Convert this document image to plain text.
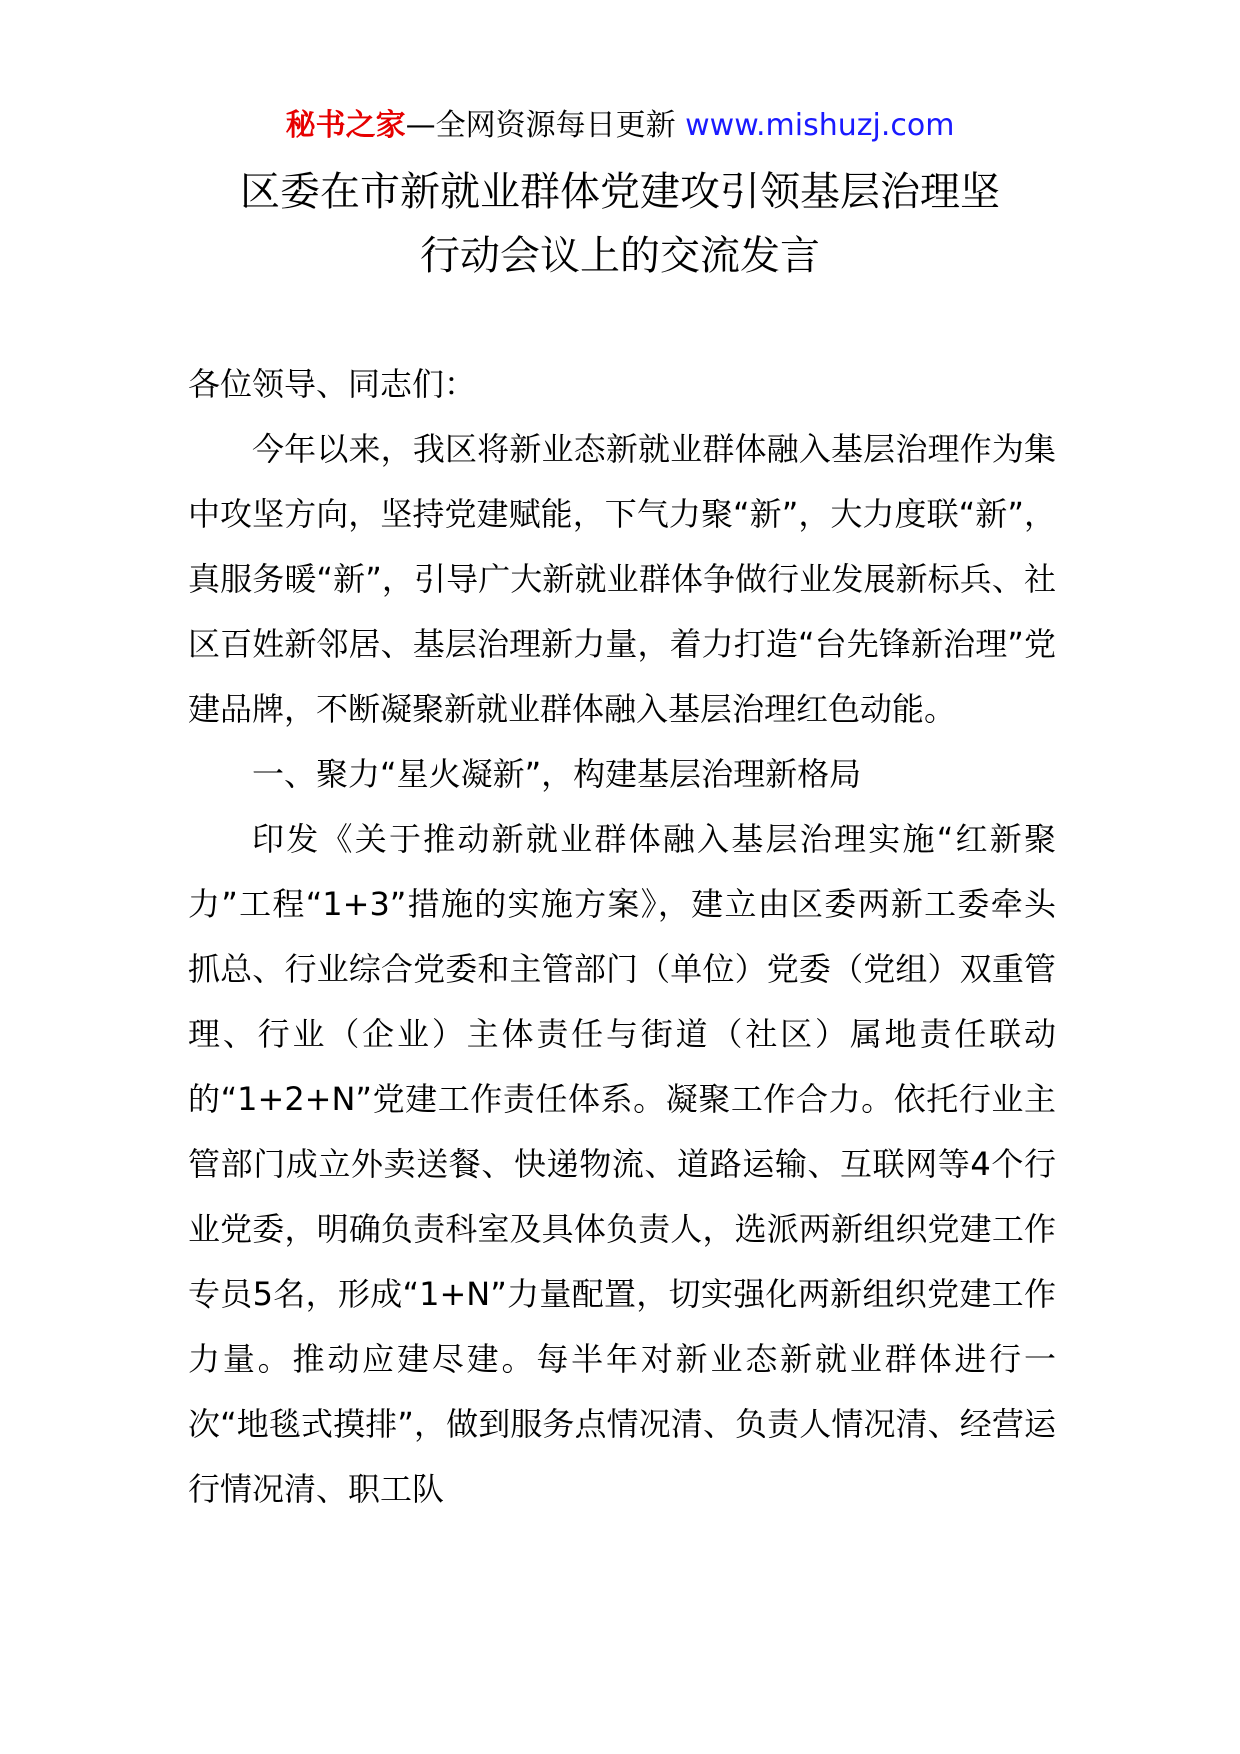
秘书之家—全网资源每日更新 www.mishuzj.com
区委在市新就业群体党建攻引领基层治理坚
行动会议上的交流发言

各位领导、同志们：

今年以来，我区将新业态新就业群体融入基层治理作为集中攻坚方向，坚持党建赋能，下气力聚“新”，大力度联“新”，真服务暖“新”，引导广大新就业群体争做行业发展新标兵、社区百姓新邻居、基层治理新力量，着力打造“台先锋新治理”党建品牌，不断凝聚新就业群体融入基层治理红色动能。

一、聚力“星火凝新”，构建基层治理新格局

印发《关于推动新就业群体融入基层治理实施“红新聚力”工程“1+3”措施的实施方案》，建立由区委两新工委牵头抓总、行业综合党委和主管部门（单位）党委（党组）双重管理、行业（企业）主体责任与街道（社区）属地责任联动的“1+2+N”党建工作责任体系。凝聚工作合力。依托行业主管部门成立外卖送餐、快递物流、道路运输、互联网等4个行业党委，明确负责科室及具体负责人，选派两新组织党建工作专员5名，形成“1+N”力量配置，切实强化两新组织党建工作力量。推动应建尽建。每半年对新业态新就业群体进行一次“地毯式摸排”，做到服务点情况清、负责人情况清、经营运行情况清、职工队
